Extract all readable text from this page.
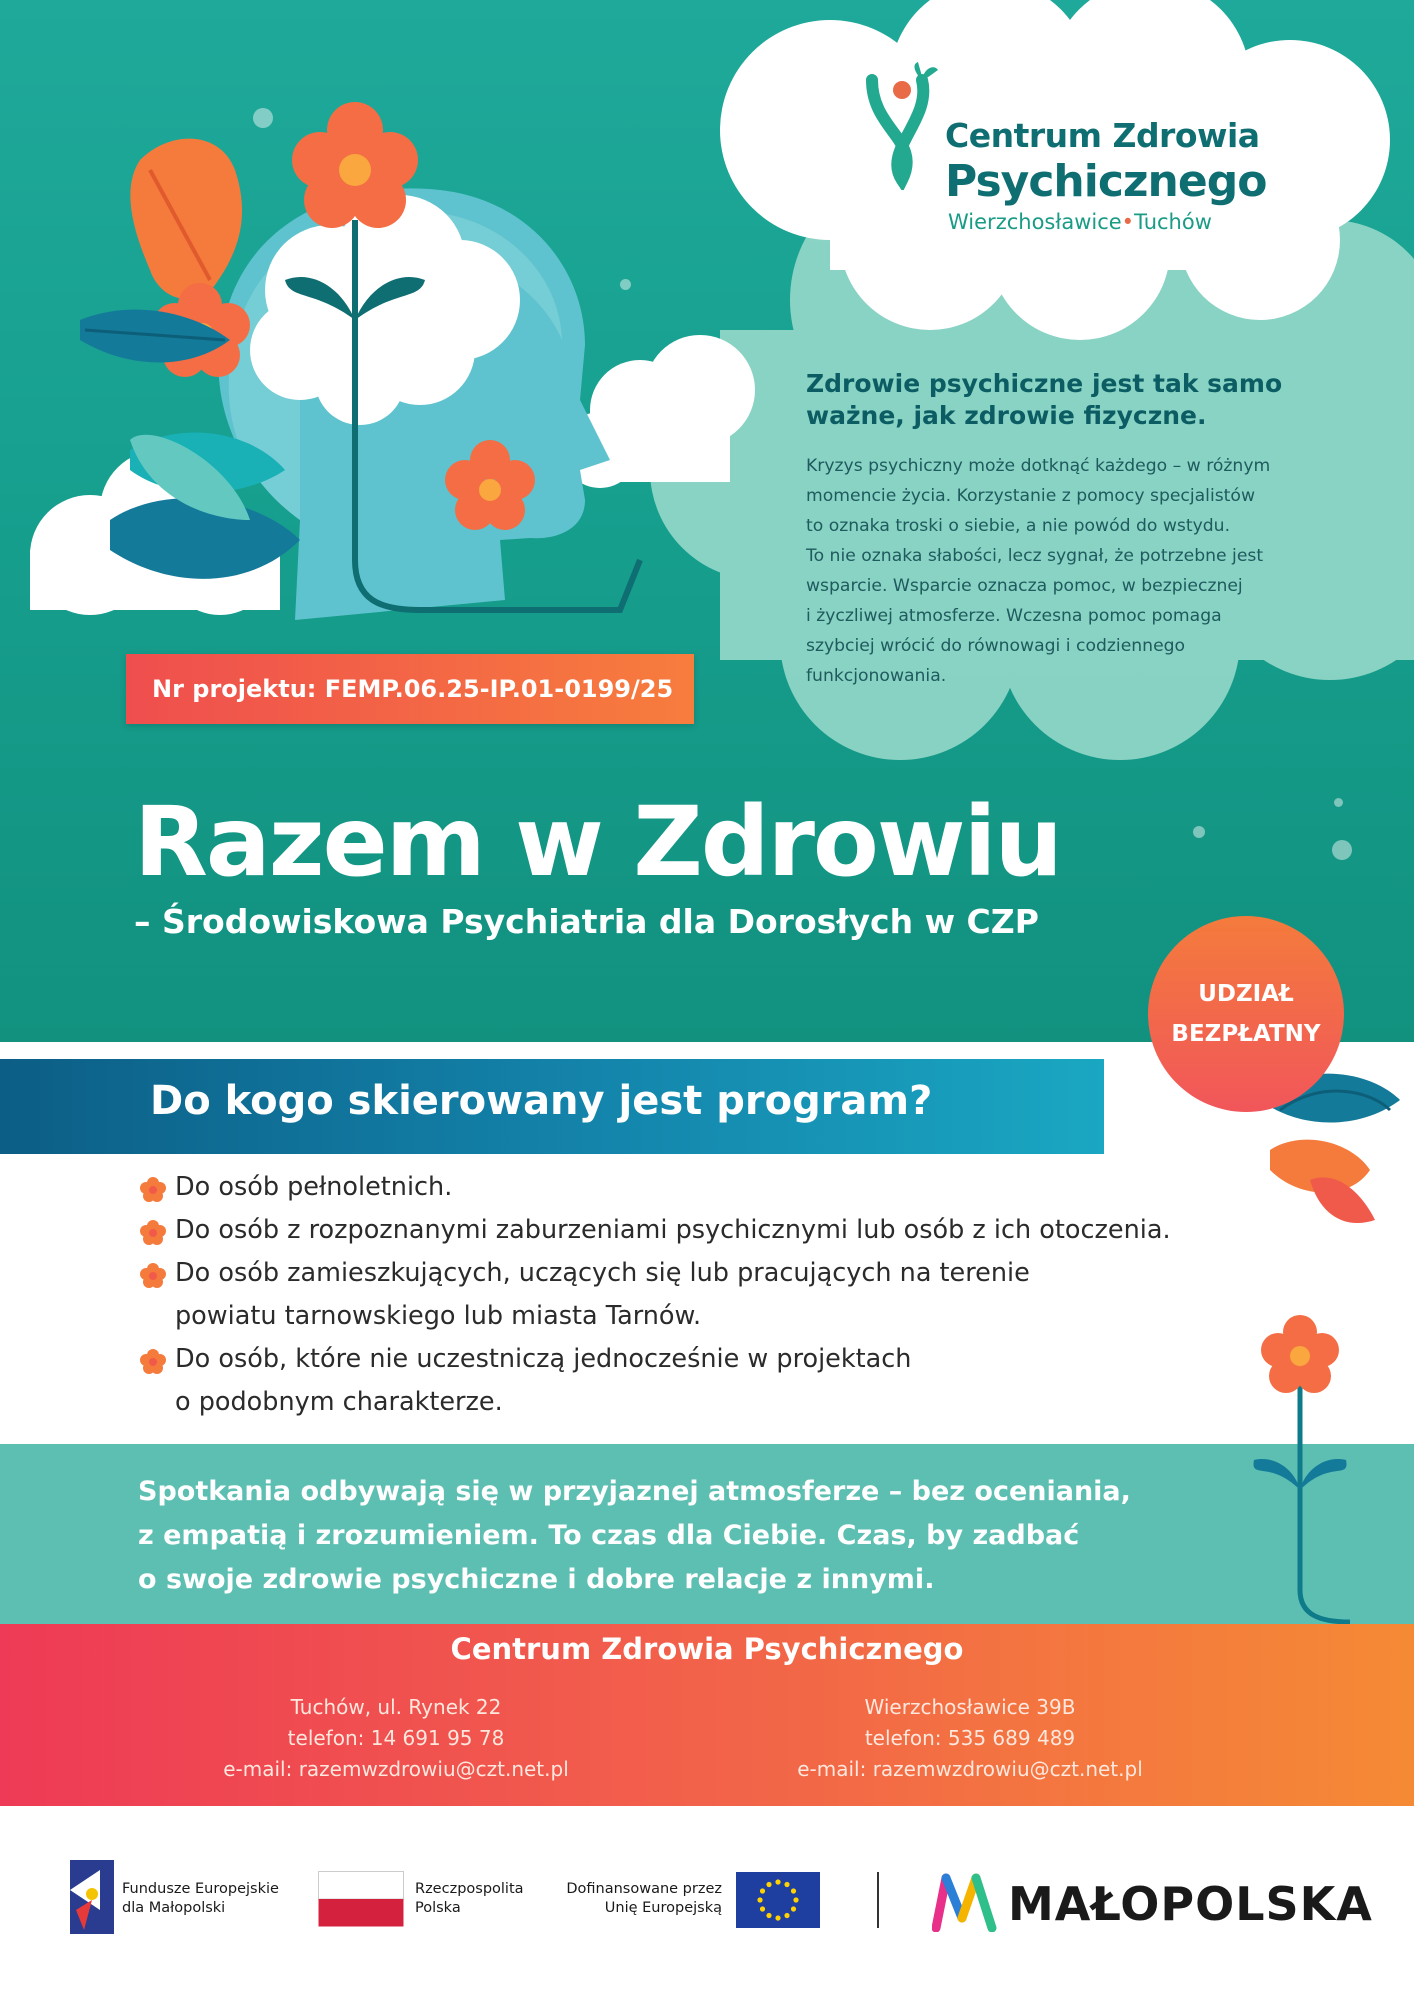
Centrum Zdrowia
Psychicznego
Wierzchosławice•Tuchów
Zdrowie psychiczne jest tak samo ważne, jak zdrowie fizyczne.
Kryzys psychiczny może dotknąć każdego – w różnym
momencie życia. Korzystanie z pomocy specjalistów
to oznaka troski o siebie, a nie powód do wstydu.
To nie oznaka słabości, lecz sygnał, że potrzebne jest
wsparcie. Wsparcie oznacza pomoc, w bezpiecznej
i życzliwej atmosferze. Wczesna pomoc pomaga
szybciej wrócić do równowagi i codziennego
funkcjonowania.
Nr projektu: FEMP.06.25-IP.01-0199/25
Razem w Zdrowiu
– Środowiskowa Psychiatria dla Dorosłych w CZP
UDZIAŁ
BEZPŁATNY
Do kogo skierowany jest program?
Do osób pełnoletnich.
Do osób z rozpoznanymi zaburzeniami psychicznymi lub osób z ich otoczenia.
Do osób zamieszkujących, uczących się lub pracujących na terenie
powiatu tarnowskiego lub miasta Tarnów.
Do osób, które nie uczestniczą jednocześnie w projektach
o podobnym charakterze.
Spotkania odbywają się w przyjaznej atmosferze – bez oceniania,
z empatią i zrozumieniem. To czas dla Ciebie. Czas, by zadbać
o swoje zdrowie psychiczne i dobre relacje z innymi.
Centrum Zdrowia Psychicznego
Tuchów, ul. Rynek 22
telefon: 14 691 95 78
e-mail: razemwzdrowiu@czt.net.pl
Wierzchosławice 39B
telefon: 535 689 489
e-mail: razemwzdrowiu@czt.net.pl
Fundusze Europejskie
dla Małopolski
Rzeczpospolita
Polska
Dofinansowane przez
Unię Europejską	MAŁOPOLSKA
